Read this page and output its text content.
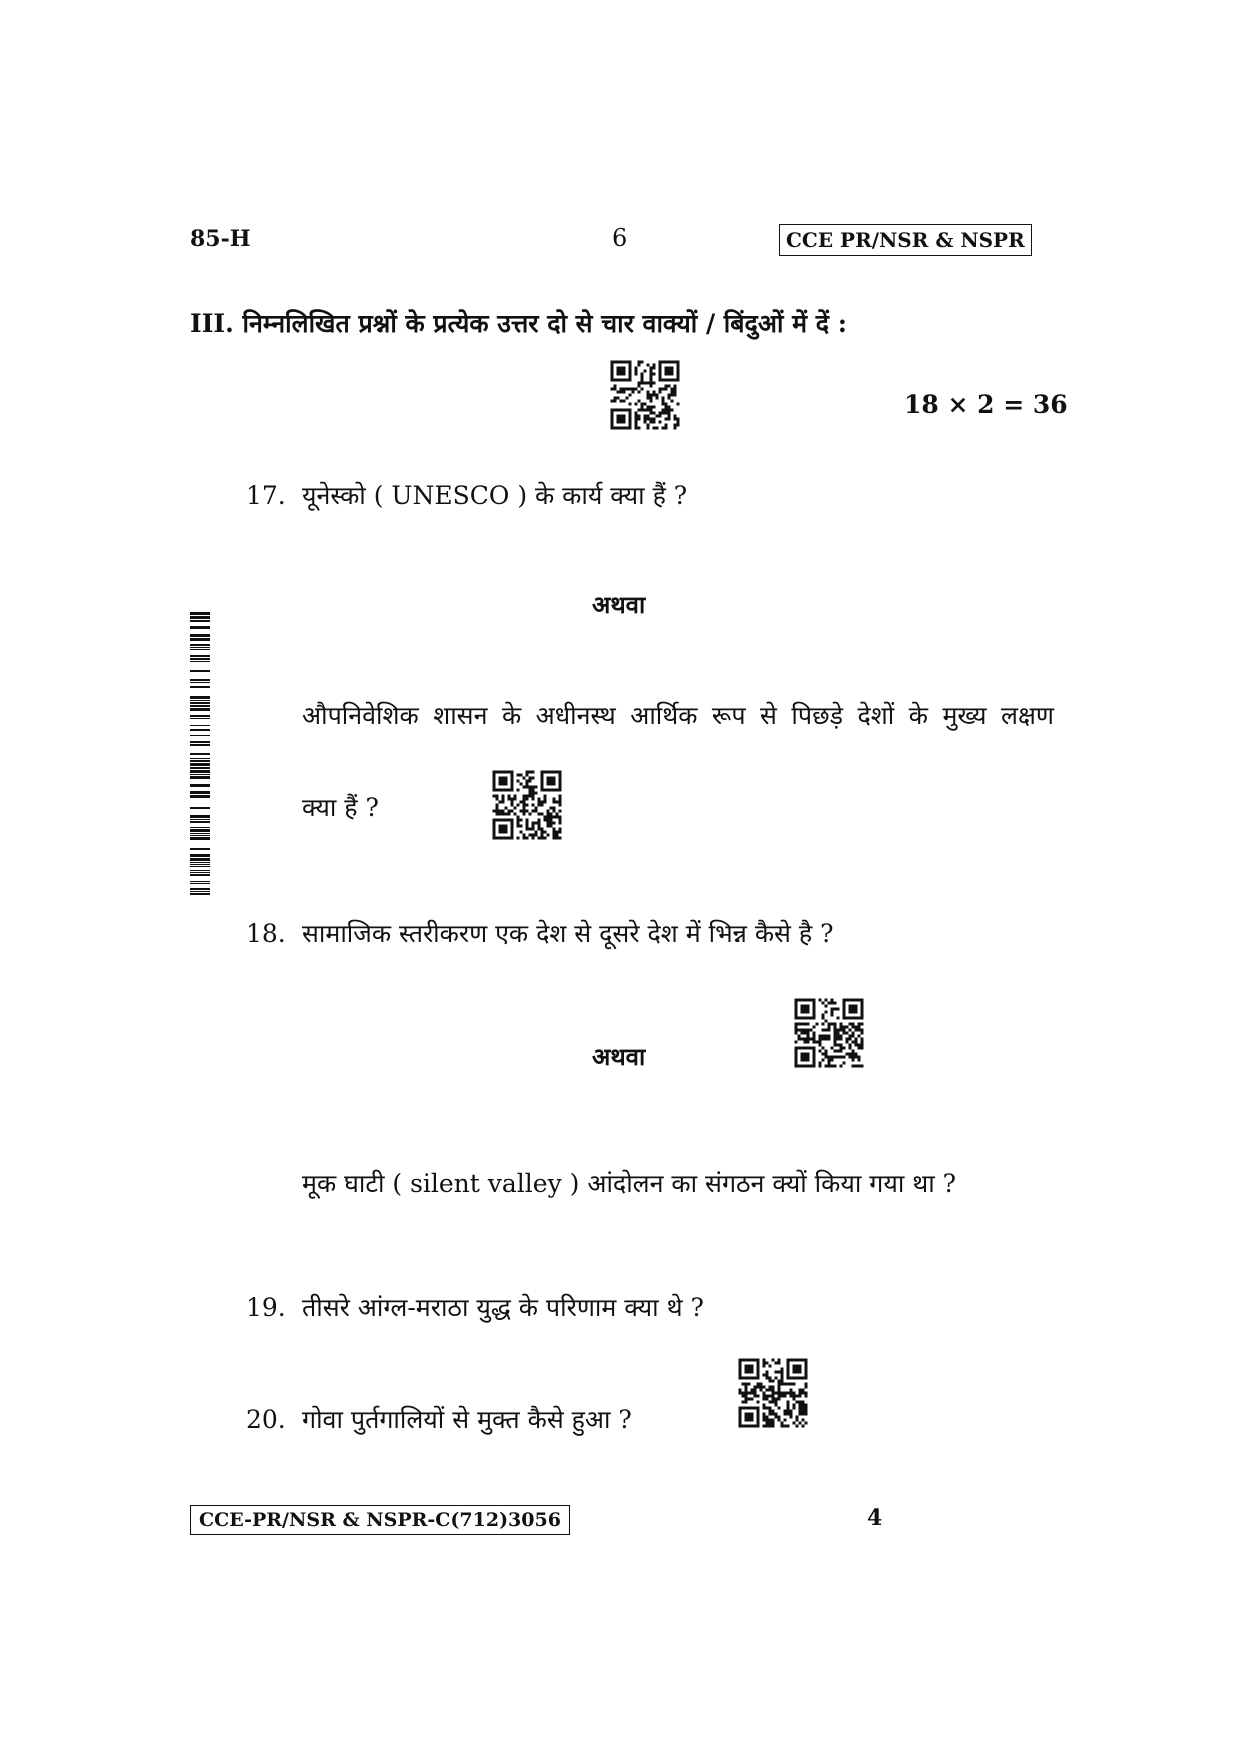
85-H	6	CCE PR/NSR & NSPR
III. निम्नलिखित प्रश्नों के प्रत्येक उत्तर दो से चार वाक्यों / बिंदुओं में दें :
18 × 2 = 36
17. यूनेस्को ( UNESCO ) के कार्य क्या हैं ?
अथवा
औपनिवेशिक शासन के अधीनस्थ आर्थिक रूप से पिछड़े देशों के मुख्य लक्षण
क्या हैं ?
18. सामाजिक स्तरीकरण एक देश से दूसरे देश में भिन्न कैसे है ?
अथवा
मूक घाटी ( silent valley ) आंदोलन का संगठन क्यों किया गया था ?
19. तीसरे आंग्ल-मराठा युद्ध के परिणाम क्या थे ?
20. गोवा पुर्तगालियों से मुक्त कैसे हुआ ?
CCE-PR/NSR & NSPR-C(712)3056	4
